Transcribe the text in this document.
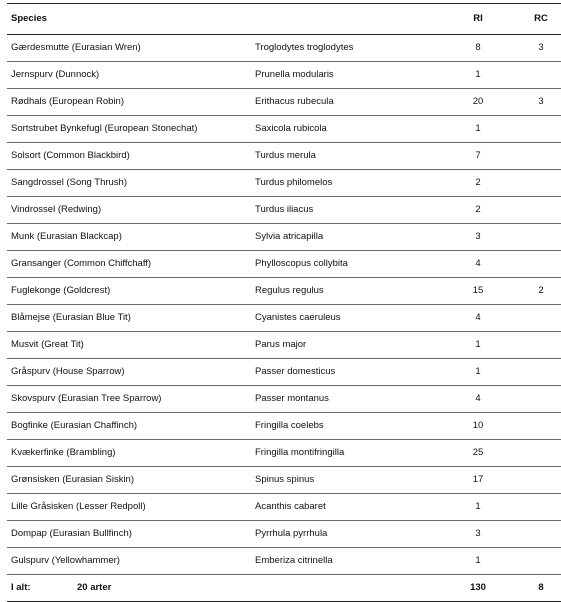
Species		RI	RC
Gærdesmutte (Eurasian Wren)	Troglodytes troglodytes	8	3
Jernspurv (Dunnock)	Prunella modularis	1	
Rødhals (European Robin)	Erithacus rubecula	20	3
Sortstrubet Bynkefugl (European Stonechat)	Saxicola rubicola	1	
Solsort (Common Blackbird)	Turdus merula	7	
Sangdrossel (Song Thrush)	Turdus philomelos	2	
Vindrossel (Redwing)	Turdus iliacus	2	
Munk (Eurasian Blackcap)	Sylvia atricapilla	3	
Gransanger (Common Chiffchaff)	Phylloscopus collybita	4	
Fuglekonge (Goldcrest)	Regulus regulus	15	2
Blåmejse (Eurasian Blue Tit)	Cyanistes caeruleus	4	
Musvit (Great Tit)	Parus major	1	
Gråspurv (House Sparrow)	Passer domesticus	1	
Skovspurv (Eurasian Tree Sparrow)	Passer montanus	4	
Bogfinke (Eurasian Chaffinch)	Fringilla coelebs	10	
Kvækerfinke (Brambling)	Fringilla montifringilla	25	
Grønsisken (Eurasian Siskin)	Spinus spinus	17	
Lille Gråsisken (Lesser Redpoll)	Acanthis cabaret	1	
Dompap (Eurasian Bullfinch)	Pyrrhula pyrrhula	3	
Gulspurv (Yellowhammer)	Emberiza citrinella	1	
I alt: 20 arter		130	8
